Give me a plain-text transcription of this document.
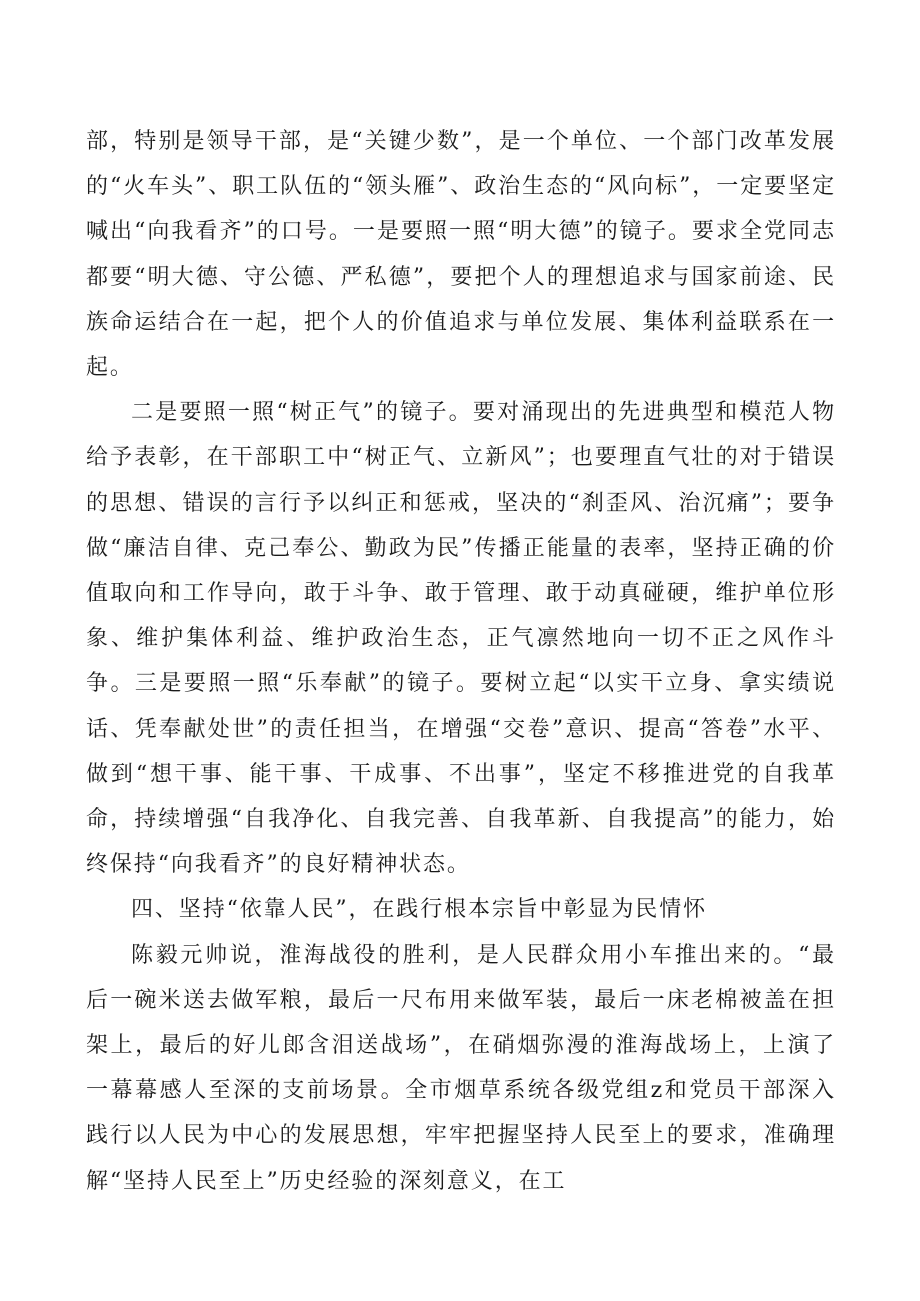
部，特别是领导干部，是“关键少数”，是一个单位、一个部门改革发展的“火车头”、职工队伍的“领头雁”、政治生态的“风向标”，一定要坚定喊出“向我看齐”的口号。一是要照一照“明大德”的镜子。要求全党同志都要“明大德、守公德、严私德”，要把个人的理想追求与国家前途、民族命运结合在一起，把个人的价值追求与单位发展、集体利益联系在一起。

二是要照一照“树正气”的镜子。要对涌现出的先进典型和模范人物给予表彰，在干部职工中“树正气、立新风”；也要理直气壮的对于错误的思想、错误的言行予以纠正和惩戒，坚决的“刹歪风、治沉痛”；要争做“廉洁自律、克己奉公、勤政为民”传播正能量的表率，坚持正确的价值取向和工作导向，敢于斗争、敢于管理、敢于动真碰硬，维护单位形象、维护集体利益、维护政治生态，正气凛然地向一切不正之风作斗争。三是要照一照“乐奉献”的镜子。要树立起“以实干立身、拿实绩说话、凭奉献处世”的责任担当，在增强“交卷”意识、提高“答卷”水平、做到“想干事、能干事、干成事、不出事”，坚定不移推进党的自我革命，持续增强“自我净化、自我完善、自我革新、自我提高”的能力，始终保持“向我看齐”的良好精神状态。

四、坚持“依靠人民”，在践行根本宗旨中彰显为民情怀

陈毅元帅说，淮海战役的胜利，是人民群众用小车推出来的。“最后一碗米送去做军粮，最后一尺布用来做军装，最后一床老棉被盖在担架上，最后的好儿郎含泪送战场”，在硝烟弥漫的淮海战场上，上演了一幕幕感人至深的支前场景。全市烟草系统各级党组z和党员干部深入践行以人民为中心的发展思想，牢牢把握坚持人民至上的要求，准确理解“坚持人民至上”历史经验的深刻意义，在工
